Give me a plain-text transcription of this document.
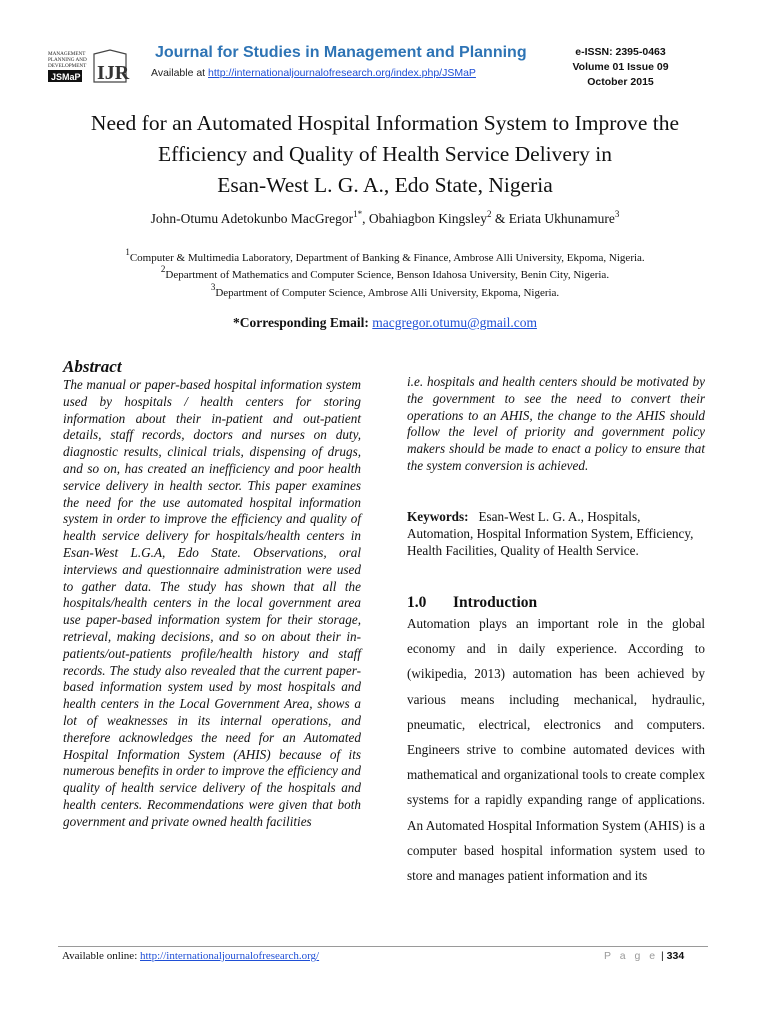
MANAGEMENT
PLANNING AND
DEVELOPMENT
JSMaP IJR
Journal for Studies in Management and Planning
Available at http://internationaljournalofresearch.org/index.php/JSMaP
e-ISSN: 2395-0463
Volume 01 Issue 09
October 2015
Need for an Automated Hospital Information System to Improve the
Efficiency and Quality of Health Service Delivery in
Esan-West L. G. A., Edo State, Nigeria
John-Otumu Adetokunbo MacGregor$^{1*}$, Obahiagbon Kingsley$^2$ & Eriata Ukhunamure$^3$
$^1$Computer & Multimedia Laboratory, Department of Banking & Finance, Ambrose Alli University, Ekpoma, Nigeria.
$^2$Department of Mathematics and Computer Science, Benson Idahosa University, Benin City, Nigeria.
$^3$Department of Computer Science, Ambrose Alli University, Ekpoma, Nigeria.
*Corresponding Email: macgregor.otumu@gmail.com
Abstract
The manual or paper-based hospital information system used by hospitals / health centers for storing information about their in-patient and out-patient details, staff records, doctors and nurses on duty, diagnostic results, clinical trials, dispensing of drugs, and so on, has created an inefficiency and poor health service delivery in health sector. This paper examines the need for the use automated hospital information system in order to improve the efficiency and quality of health service delivery for hospitals/health centers in Esan-West L.G.A, Edo State. Observations, oral interviews and questionnaire administration were used to gather data. The study has shown that all the hospitals/health centers in the local government area use paper-based information system for their storage, retrieval, making decisions, and so on about their in-patients/out-patients profile/health history and staff records. The study also revealed that the current paper-based information system used by most hospitals and health centers in the Local Government Area, shows a lot of weaknesses in its internal operations, and therefore acknowledges the need for an Automated Hospital Information System (AHIS) because of its numerous benefits in order to improve the efficiency and quality of health service delivery of the hospitals and health centers. Recommendations were given that both government and private owned health facilities
i.e. hospitals and health centers should be motivated by the government to see the need to convert their operations to an AHIS, the change to the AHIS should follow the level of priority and government policy makers should be made to enact a policy to ensure that the system conversion is achieved.
Keywords: Esan-West L. G. A., Hospitals, Automation, Hospital Information System, Efficiency, Health Facilities, Quality of Health Service.
1.0 Introduction
Automation plays an important role in the global economy and in daily experience. According to (wikipedia, 2013) automation has been achieved by various means including mechanical, hydraulic, pneumatic, electrical, electronics and computers. Engineers strive to combine automated devices with mathematical and organizational tools to create complex systems for a rapidly expanding range of applications. An Automated Hospital Information System (AHIS) is a computer based hospital information system used to store and manages patient information and its
Available online: http://internationaljournalofresearch.org/	P a g e | 334
